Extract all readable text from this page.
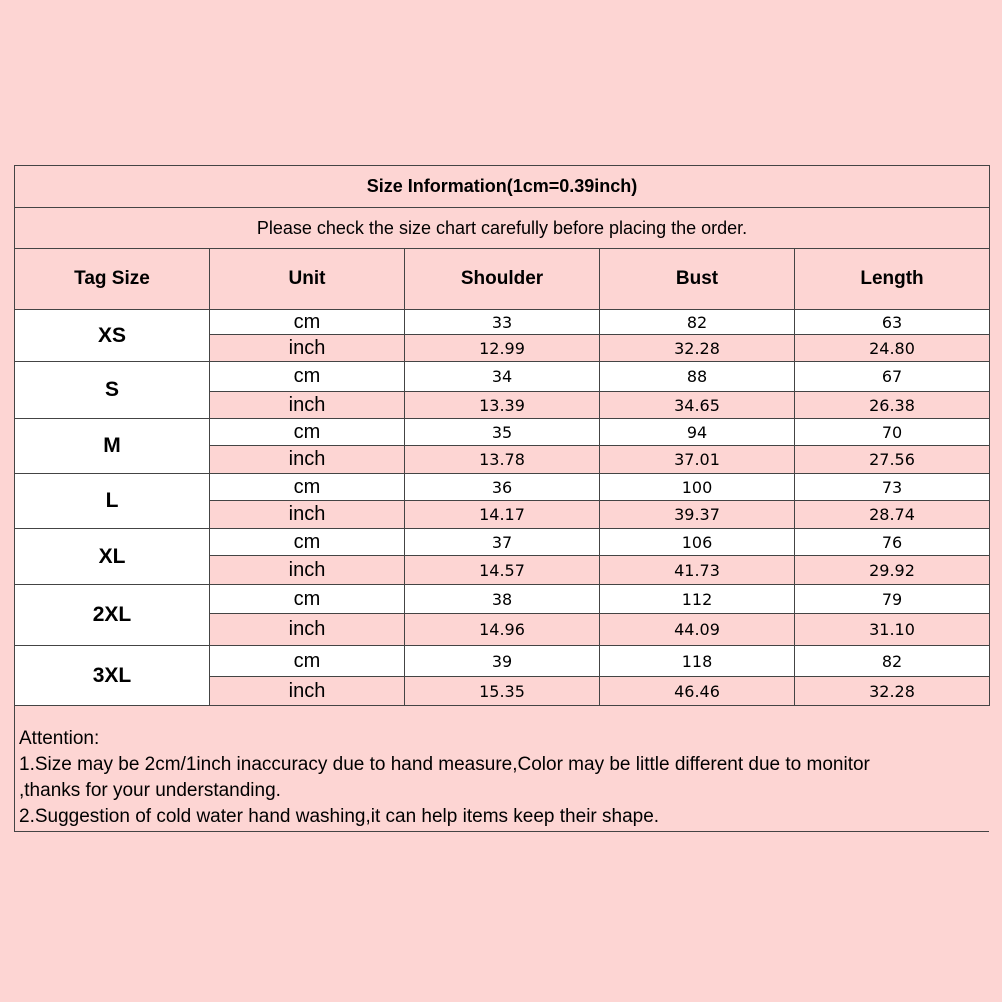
Size Information(1cm=0.39inch)				
Please check the size chart carefully before placing the order.				
Tag Size	Unit	Shoulder	Bust	Length
XS	cm	33	82	63
	inch	12.99	32.28	24.80
S	cm	34	88	67
	inch	13.39	34.65	26.38
M	cm	35	94	70
	inch	13.78	37.01	27.56
L	cm	36	100	73
	inch	14.17	39.37	28.74
XL	cm	37	106	76
	inch	14.57	41.73	29.92
2XL	cm	38	112	79
	inch	14.96	44.09	31.10
3XL	cm	39	118	82
	inch	15.35	46.46	32.28
Attention:
1.Size may be 2cm/1inch inaccuracy due to hand measure,Color may be little different due to monitor
,thanks for your understanding.
2.Suggestion of cold water hand washing,it can help items keep their shape.
